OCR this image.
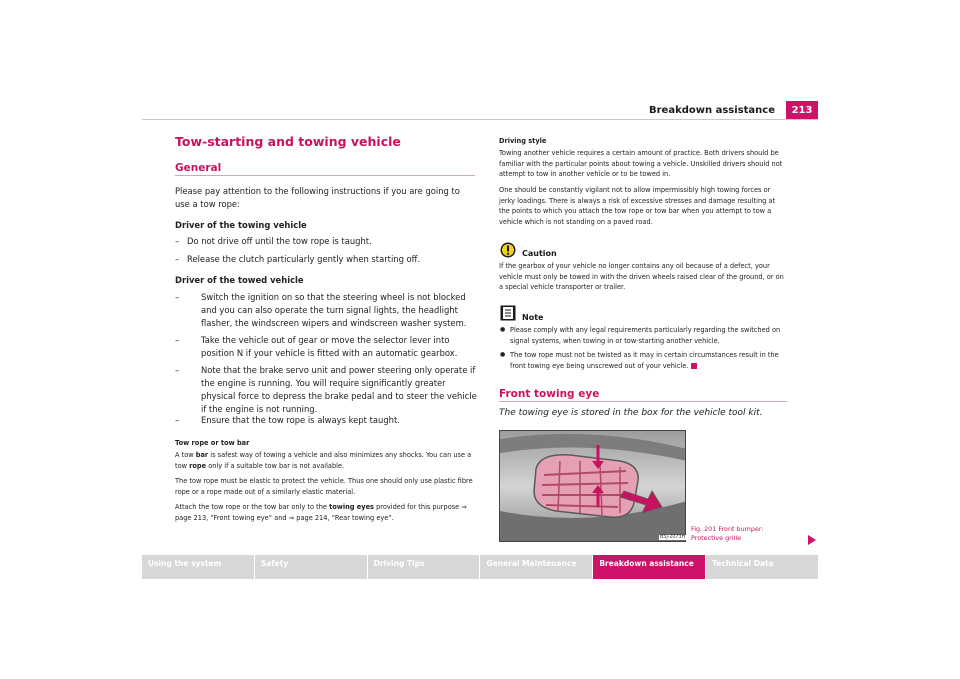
Breakdown assistance	213
Tow-starting and towing vehicle
General
Please pay attention to the following instructions if you are going to use a tow rope:
Driver of the towing vehicle
– Do not drive off until the tow rope is taught.
– Release the clutch particularly gently when starting off.
Driver of the towed vehicle
–	Switch the ignition on so that the steering wheel is not blocked and you can also operate the turn signal lights, the headlight flasher, the windscreen wipers and windscreen washer system.
–	Take the vehicle out of gear or move the selector lever into position N if your vehicle is fitted with an automatic gearbox.
–	Note that the brake servo unit and power steering only operate if the engine is running. You will require significantly greater physical force to depress the brake pedal and to steer the vehicle if the engine is not running.
–	Ensure that the tow rope is always kept taught.
Tow rope or tow bar
A tow bar is safest way of towing a vehicle and also minimizes any shocks. You can use a tow rope only if a suitable tow bar is not available.
The tow rope must be elastic to protect the vehicle. Thus one should only use plastic fibre rope or a rope made out of a similarly elastic material.
Attach the tow rope or the tow bar only to the towing eyes provided for this purpose ⇒ page 213, “Front towing eye” and ⇒ page 214, “Rear towing eye”.
Driving style
Towing another vehicle requires a certain amount of practice. Both drivers should be familiar with the particular points about towing a vehicle. Unskilled drivers should not attempt to tow in another vehicle or to be towed in.
One should be constantly vigilant not to allow impermissibly high towing forces or jerky loadings. There is always a risk of excessive stresses and damage resulting at the points to which you attach the tow rope or tow bar when you attempt to tow a vehicle which is not standing on a paved road.
Caution
If the gearbox of your vehicle no longer contains any oil because of a defect, your vehicle must only be towed in with the driven wheels raised clear of the ground, or on a special vehicle transporter or trailer.
Note
● Please comply with any legal requirements particularly regarding the switched on signal systems, when towing in or tow-starting another vehicle.

● The tow rope must not be twisted as it may in certain circumstances result in the front towing eye being unscrewed out of your vehicle.
Front towing eye
The towing eye is stored in the box for the vehicle tool kit.
B5J-2073H
Fig. 201 Front bumper:
Protective grille
Using the system	Safety	Driving Tips	General Maintenance	Breakdown assistance	Technical Data
